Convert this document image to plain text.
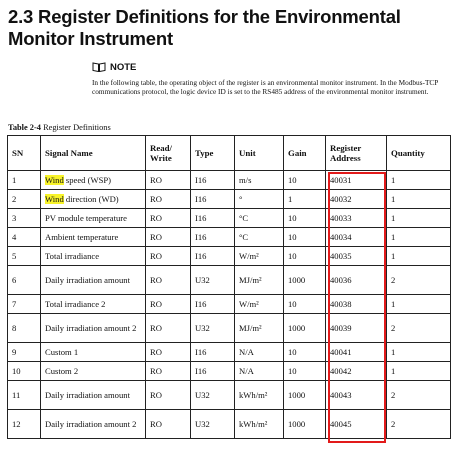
2.3 Register Definitions for the Environmental Monitor Instrument
NOTE
In the following table, the operating object of the register is an environmental monitor instrument. In the Modbus-TCP communications protocol, the logic device ID is set to the RS485 address of the environmental monitor instrument.
Table 2-4 Register Definitions
SN	Signal Name	Read/ Write	Type	Unit	Gain	Register Address	Quantity
1	Wind speed (WSP)	RO	I16	m/s	10	40031	1
2	Wind direction (WD)	RO	I16	°	1	40032	1
3	PV module temperature	RO	I16	°C	10	40033	1
4	Ambient temperature	RO	I16	°C	10	40034	1
5	Total irradiance	RO	I16	W/m²	10	40035	1
6	Daily irradiation amount	RO	U32	MJ/m²	1000	40036	2
7	Total irradiance 2	RO	I16	W/m²	10	40038	1
8	Daily irradiation amount 2	RO	U32	MJ/m²	1000	40039	2
9	Custom 1	RO	I16	N/A	10	40041	1
10	Custom 2	RO	I16	N/A	10	40042	1
11	Daily irradiation amount	RO	U32	kWh/m²	1000	40043	2
12	Daily irradiation amount 2	RO	U32	kWh/m²	1000	40045	2
